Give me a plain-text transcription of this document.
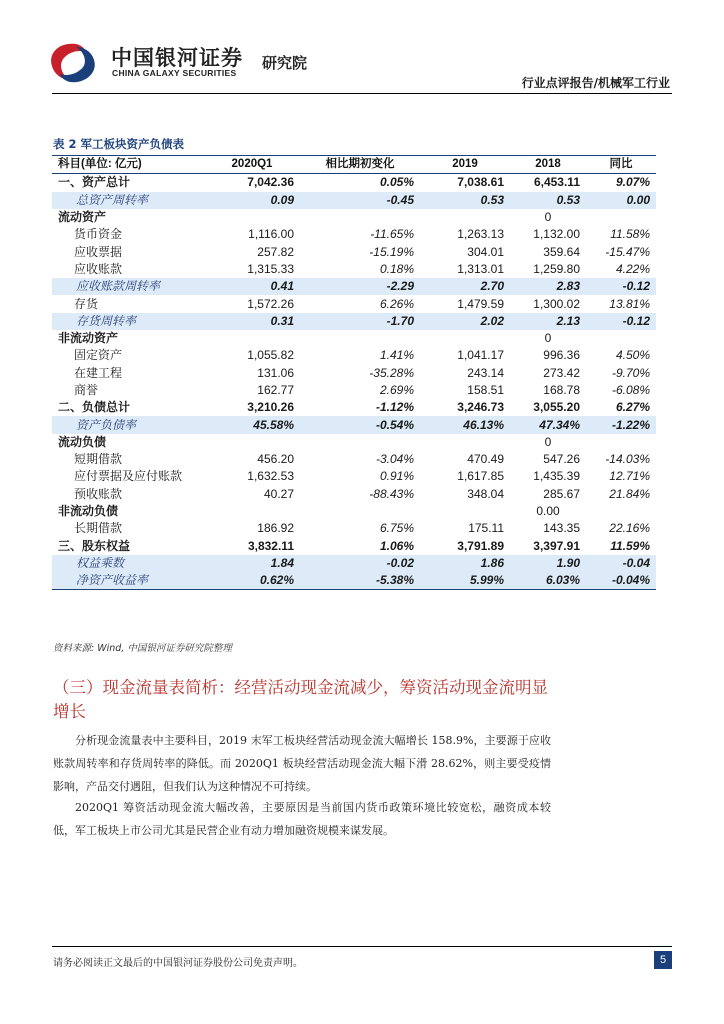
中国银河证券
CHINA GALAXY SECURITIES
研究院
行业点评报告/机械军工行业
表 2 军工板块资产负债表
科目(单位: 亿元)	2020Q1	相比期初变化	2019	2018	同比
一、资产总计	7,042.36	0.05%	7,038.61	6,453.11	9.07%
总资产周转率	0.09	-0.45	0.53	0.53	0.00
流动资产				0	
货币资金	1,116.00	-11.65%	1,263.13	1,132.00	11.58%
应收票据	257.82	-15.19%	304.01	359.64	-15.47%
应收账款	1,315.33	0.18%	1,313.01	1,259.80	4.22%
应收账款周转率	0.41	-2.29	2.70	2.83	-0.12
存货	1,572.26	6.26%	1,479.59	1,300.02	13.81%
存货周转率	0.31	-1.70	2.02	2.13	-0.12
非流动资产				0	
固定资产	1,055.82	1.41%	1,041.17	996.36	4.50%
在建工程	131.06	-35.28%	243.14	273.42	-9.70%
商誉	162.77	2.69%	158.51	168.78	-6.08%
二、负债总计	3,210.26	-1.12%	3,246.73	3,055.20	6.27%
资产负债率	45.58%	-0.54%	46.13%	47.34%	-1.22%
流动负债				0	
短期借款	456.20	-3.04%	470.49	547.26	-14.03%
应付票据及应付账款	1,632.53	0.91%	1,617.85	1,435.39	12.71%
预收账款	40.27	-88.43%	348.04	285.67	21.84%
非流动负债				0.00	
长期借款	186.92	6.75%	175.11	143.35	22.16%
三、股东权益	3,832.11	1.06%	3,791.89	3,397.91	11.59%
权益乘数	1.84	-0.02	1.86	1.90	-0.04
净资产收益率	0.62%	-5.38%	5.99%	6.03%	-0.04%
资料来源: Wind, 中国银河证券研究院整理
（三）现金流量表简析：经营活动现金流减少，筹资活动现金流明显增长
分析现金流量表中主要科目，2019 末军工板块经营活动现金流大幅增长 158.9%，主要源于应收账款周转率和存货周转率的降低。而 2020Q1 板块经营活动现金流大幅下滑 28.62%，则主要受疫情影响，产品交付遇阻，但我们认为这种情况不可持续。
2020Q1 筹资活动现金流大幅改善，主要原因是当前国内货币政策环境比较宽松，融资成本较低，军工板块上市公司尤其是民营企业有动力增加融资规模来谋发展。
请务必阅读正文最后的中国银河证券股份公司免责声明。	5
